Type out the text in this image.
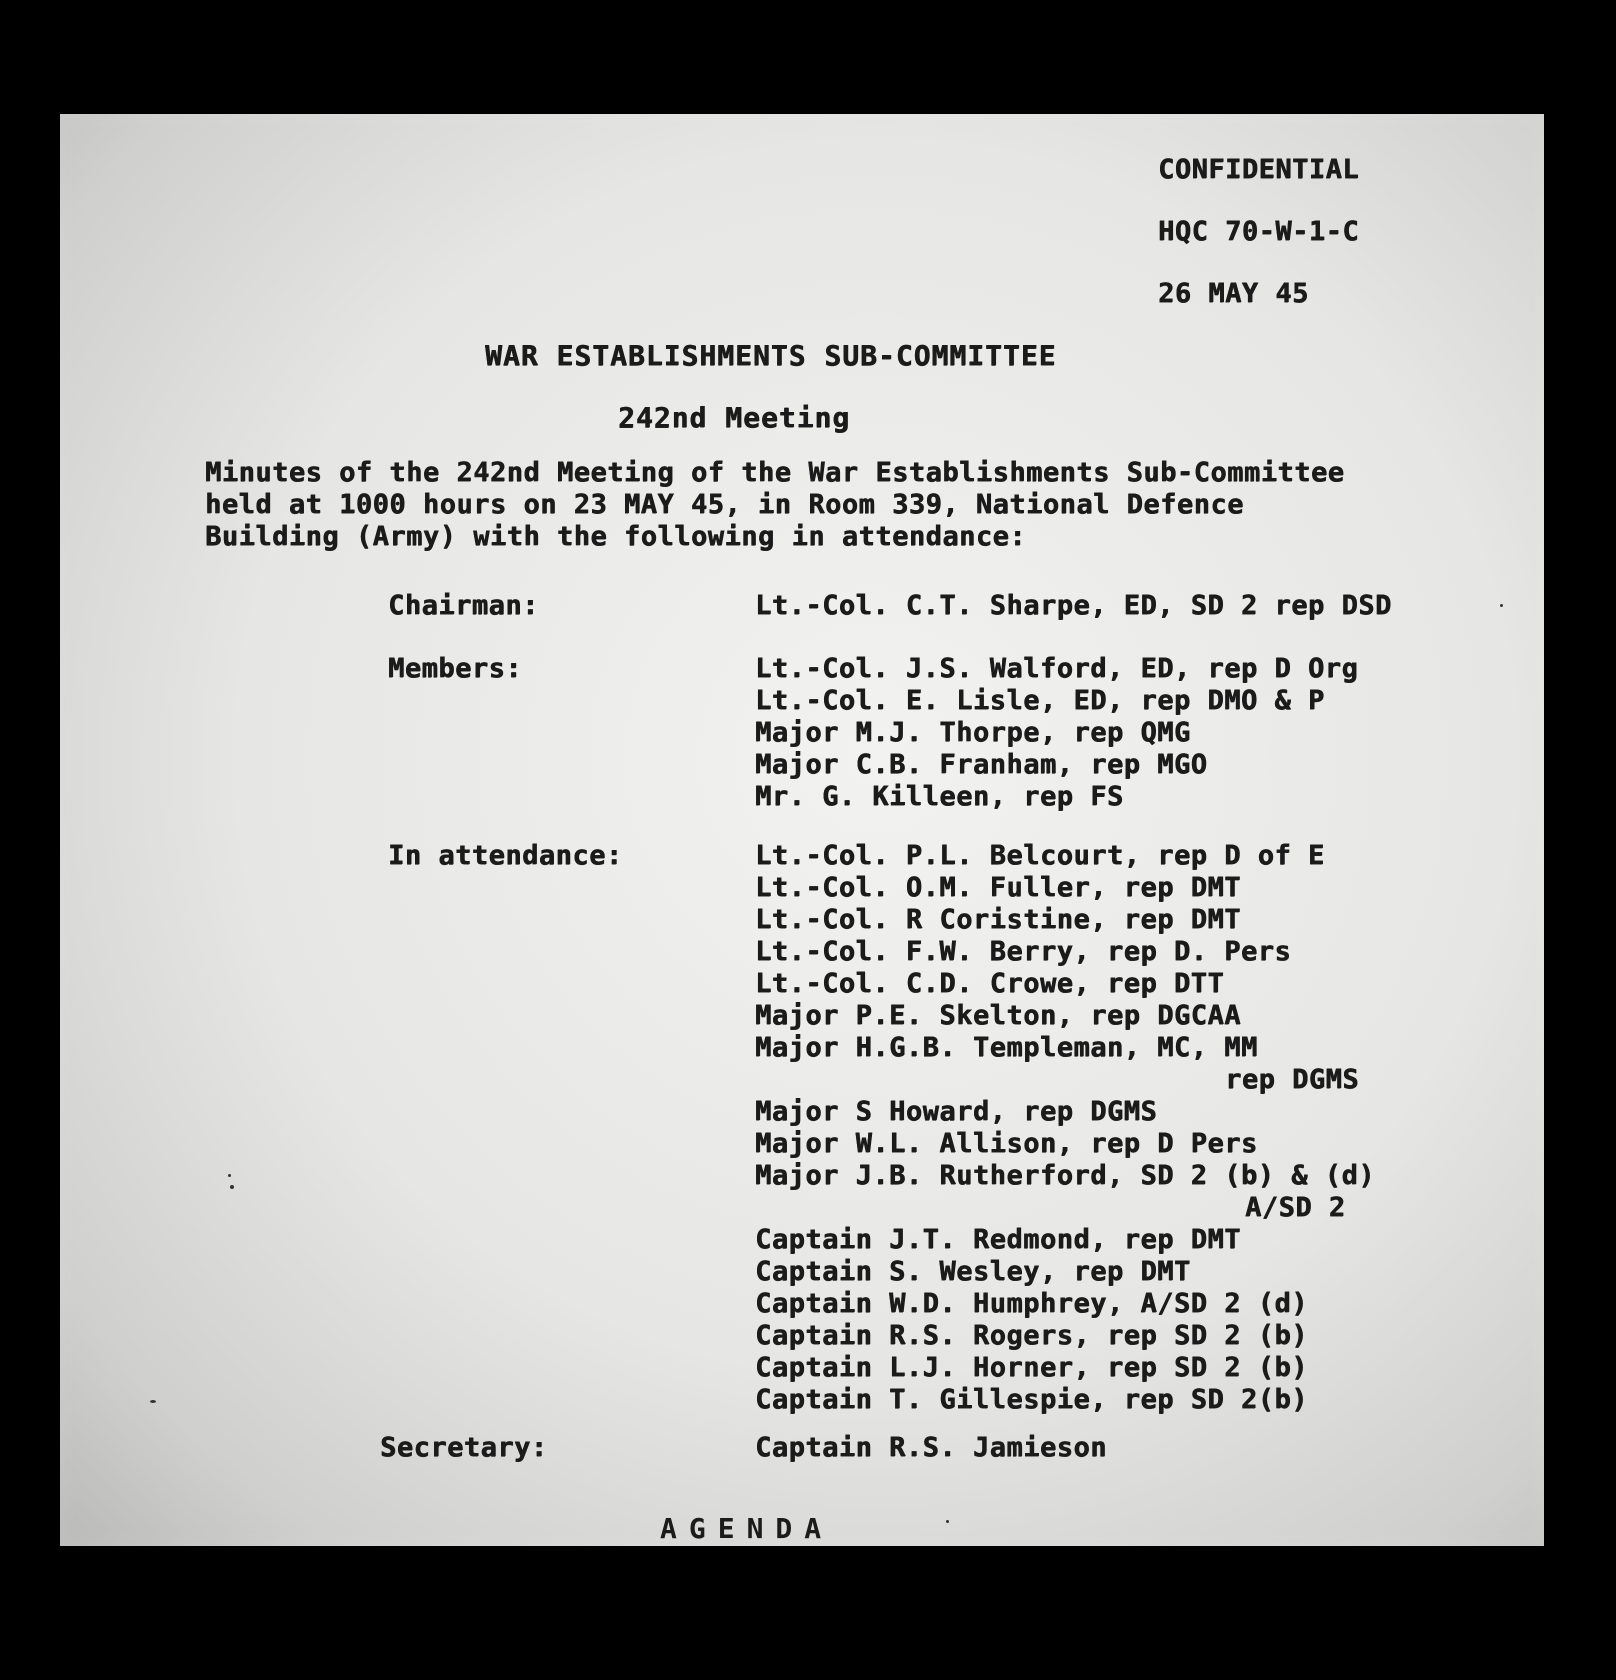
CONFIDENTIAL
HQC 70-W-1-C
26 MAY 45
WAR ESTABLISHMENTS SUB-COMMITTEE
242nd Meeting
Minutes of the 242nd Meeting of the War Establishments Sub-Committee
held at 1000 hours on 23 MAY 45, in Room 339, National Defence
Building (Army) with the following in attendance:
Chairman:	Lt.-Col. C.T. Sharpe, ED, SD 2 rep DSD
Members:	Lt.-Col. J.S. Walford, ED, rep D Org
Lt.-Col. E. Lisle, ED, rep DMO & P
Major M.J. Thorpe, rep QMG
Major C.B. Franham, rep MGO
Mr. G. Killeen, rep FS
In attendance:	Lt.-Col. P.L. Belcourt, rep D of E
Lt.-Col. O.M. Fuller, rep DMT
Lt.-Col. R Coristine, rep DMT
Lt.-Col. F.W. Berry, rep D. Pers
Lt.-Col. C.D. Crowe, rep DTT
Major P.E. Skelton, rep DGCAA
Major H.G.B. Templeman, MC, MM
rep DGMS
Major S Howard, rep DGMS
Major W.L. Allison, rep D Pers
Major J.B. Rutherford, SD 2 (b) & (d)
A/SD 2
Captain J.T. Redmond, rep DMT
Captain S. Wesley, rep DMT
Captain W.D. Humphrey, A/SD 2 (d)
Captain R.S. Rogers, rep SD 2 (b)
Captain L.J. Horner, rep SD 2 (b)
Captain T. Gillespie, rep SD 2(b)
Secretary:	Captain R.S. Jamieson
AGENDA
